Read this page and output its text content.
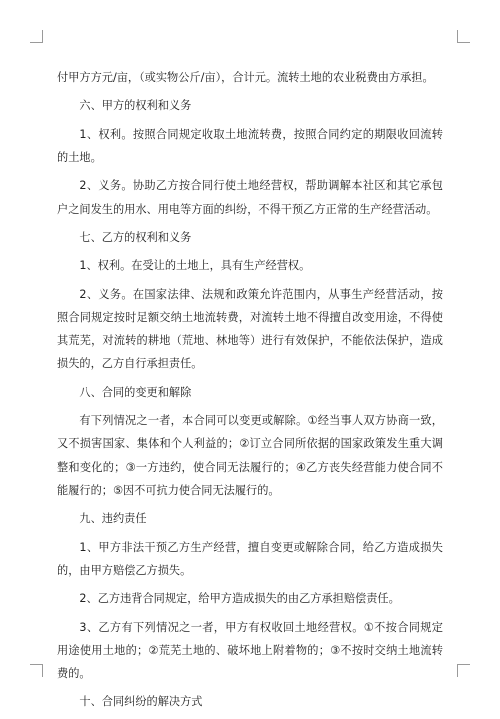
付甲方方元/亩，（或实物公斤/亩），合计元。流转土地的农业税费由方承担。

六、甲方的权利和义务

1、权利。按照合同规定收取土地流转费，按照合同约定的期限收回流转的土地。

2、义务。协助乙方按合同行使土地经营权，帮助调解本社区和其它承包户之间发生的用水、用电等方面的纠纷，不得干预乙方正常的生产经营活动。

七、乙方的权利和义务

1、权利。在受让的土地上，具有生产经营权。

2、义务。在国家法律、法规和政策允许范围内，从事生产经营活动，按照合同规定按时足额交纳土地流转费，对流转土地不得擅自改变用途，不得使其荒芜，对流转的耕地（荒地、林地等）进行有效保护，不能依法保护，造成损失的，乙方自行承担责任。

八、合同的变更和解除

有下列情况之一者，本合同可以变更或解除。①经当事人双方协商一致，又不损害国家、集体和个人利益的；②订立合同所依据的国家政策发生重大调整和变化的；③一方违约，使合同无法履行的；④乙方丧失经营能力使合同不能履行的；⑤因不可抗力使合同无法履行的。

九、违约责任

1、甲方非法干预乙方生产经营，擅自变更或解除合同，给乙方造成损失的，由甲方赔偿乙方损失。

2、乙方违背合同规定，给甲方造成损失的由乙方承担赔偿责任。

3、乙方有下列情况之一者，甲方有权收回土地经营权。①不按合同规定用途使用土地的；②荒芜土地的、破坏地上附着物的；③不按时交纳土地流转费的。

十、合同纠纷的解决方式
